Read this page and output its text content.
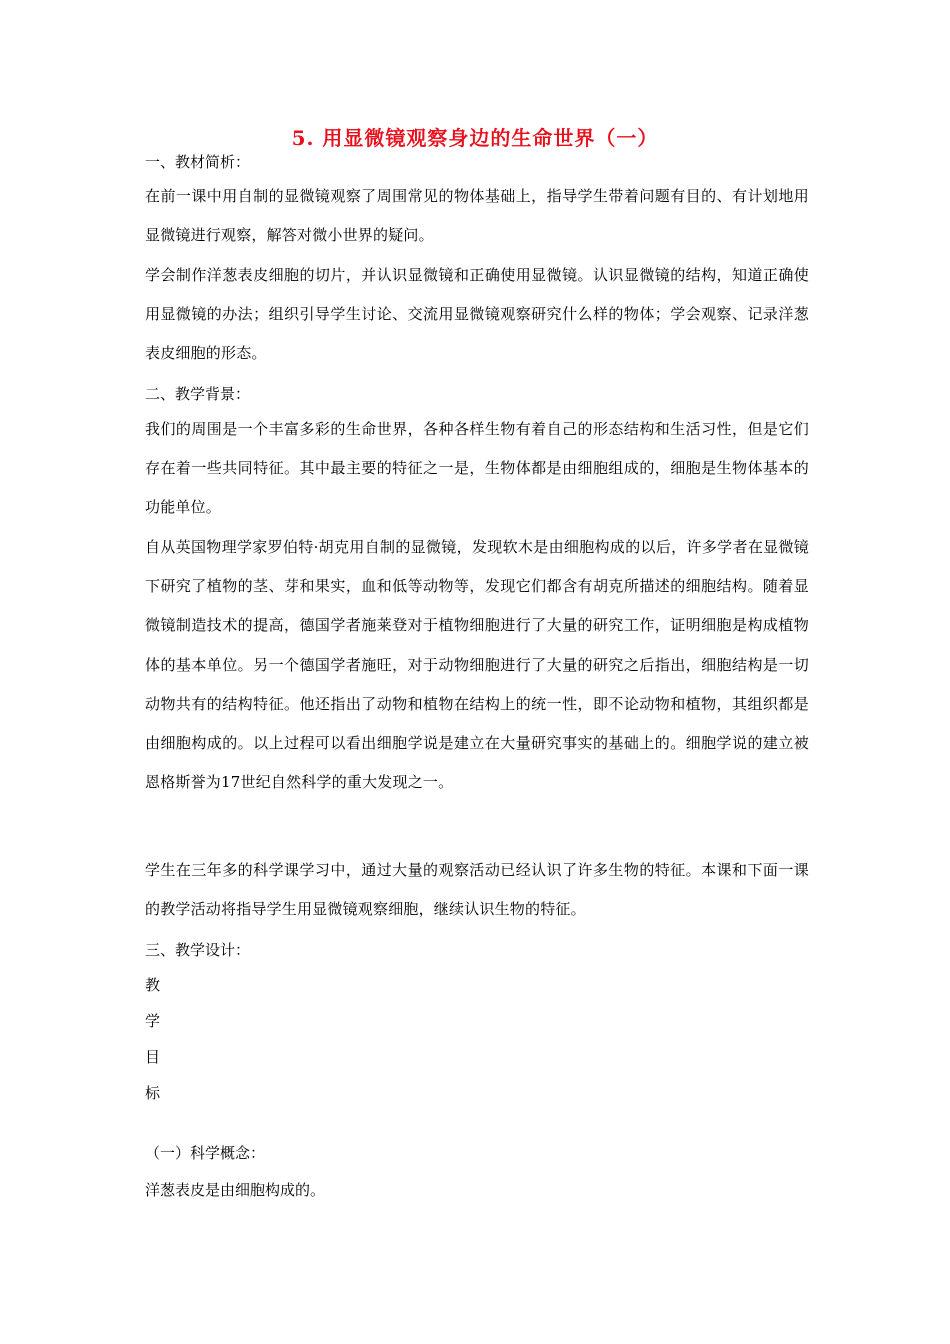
5. 用显微镜观察身边的生命世界（一）
一、教材简析：
在前一课中用自制的显微镜观察了周围常见的物体基础上，指导学生带着问题有目的、有计划地用显微镜进行观察，解答对微小世界的疑问。
学会制作洋葱表皮细胞的切片，并认识显微镜和正确使用显微镜。认识显微镜的结构，知道正确使用显微镜的办法；组织引导学生讨论、交流用显微镜观察研究什么样的物体；学会观察、记录洋葱表皮细胞的形态。
二、教学背景：
我们的周围是一个丰富多彩的生命世界，各种各样生物有着自己的形态结构和生活习性，但是它们存在着一些共同特征。其中最主要的特征之一是，生物体都是由细胞组成的，细胞是生物体基本的功能单位。
自从英国物理学家罗伯特·胡克用自制的显微镜，发现软木是由细胞构成的以后，许多学者在显微镜下研究了植物的茎、芽和果实，血和低等动物等，发现它们都含有胡克所描述的细胞结构。随着显微镜制造技术的提高，德国学者施莱登对于植物细胞进行了大量的研究工作，证明细胞是构成植物体的基本单位。另一个德国学者施旺，对于动物细胞进行了大量的研究之后指出，细胞结构是一切动物共有的结构特征。他还指出了动物和植物在结构上的统一性，即不论动物和植物，其组织都是由细胞构成的。以上过程可以看出细胞学说是建立在大量研究事实的基础上的。细胞学说的建立被恩格斯誉为17世纪自然科学的重大发现之一。
学生在三年多的科学课学习中，通过大量的观察活动已经认识了许多生物的特征。本课和下面一课的教学活动将指导学生用显微镜观察细胞，继续认识生物的特征。
三、教学设计：
教
学
目
标
（一）科学概念：
洋葱表皮是由细胞构成的。
